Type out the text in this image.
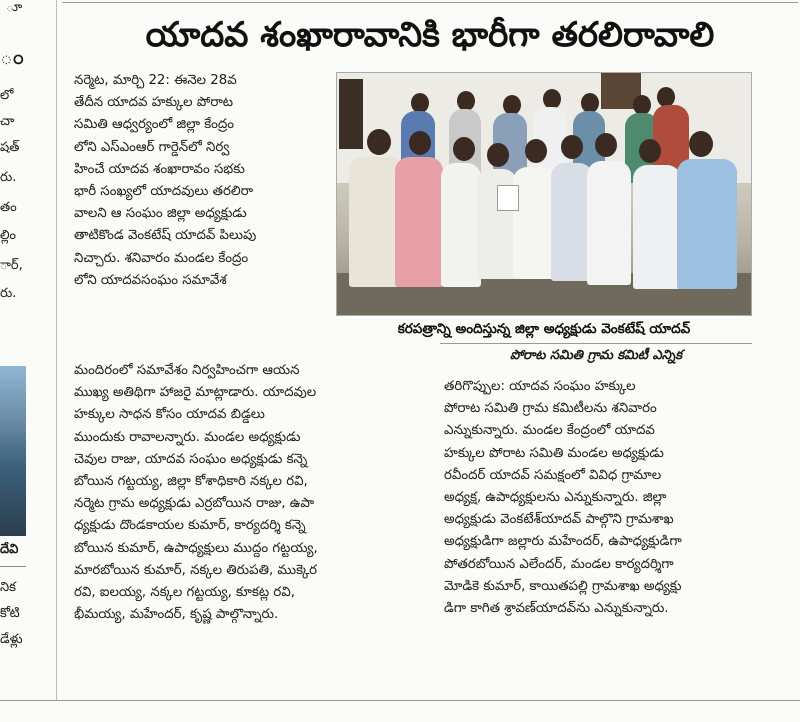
ూ
ం
లో
చా
షత్
రు.
తం
ల్లిం
ార్,
రు.
దేవి
నిక
కోటి
డేళ్లు
యాదవ శంఖారావానికి భారీగా తరలిరావాలి
నర్మెట, మార్చి 22: ఈనెల 28వ
తేదీన యాదవ హక్కుల పోరాట
సమితి ఆధ్వర్యంలో జిల్లా కేంద్రం
లోని ఎస్‌ఎంఆర్ గార్డెన్‌లో నిర్వ
హించే యాదవ శంఖారావం సభకు
భారీ సంఖ్యలో యాదవులు తరలిరా
వాలని ఆ సంఘం జిల్లా అధ్యక్షుడు
తాటికొండ వెంకటేష్ యాదవ్ పిలుపు
నిచ్చారు. శనివారం మండల కేంద్రం
లోని యాదవసంఘం సమావేశ
మందిరంలో సమావేశం నిర్వహించగా ఆయన
ముఖ్య అతిథిగా హాజరై మాట్లాడారు. యాదవుల
హక్కుల సాధన కోసం యాదవ బిడ్డలు
ముందుకు రావాలన్నారు. మండల అధ్యక్షుడు
చెవుల రాజు, యాదవ సంఘం అధ్యక్షుడు కన్నె
బోయిన గట్టయ్య, జిల్లా కోశాధికారి నక్కల రవి,
నర్మెట గ్రామ అధ్యక్షుడు ఎర్రబోయిన రాజు, ఉపా
ధ్యక్షుడు దొండకాయల కుమార్, కార్యదర్శి కన్నె
బోయిన కుమార్, ఉపాధ్యక్షులు ముద్దం గట్టయ్య,
మారబోయిన కుమార్, నక్కల తిరుపతి, ముక్కెర
రవి, ఐలయ్య, నక్కల గట్టయ్య, కూకట్ల రవి,
భీమయ్య, మహేందర్, కృష్ణ పాల్గొన్నారు.
కరపత్రాన్ని అందిస్తున్న జిల్లా అధ్యక్షుడు వెంకటేష్ యాదవ్
పోరాట సమితి గ్రామ కమిటీ ఎన్నిక
తరిగొప్పుల: యాదవ సంఘం హక్కుల
పోరాట సమితి గ్రామ కమిటీలను శనివారం
ఎన్నుకున్నారు. మండల కేంద్రంలో యాదవ
హక్కుల పోరాట సమితి మండల అధ్యక్షుడు
రవీందర్ యాదవ్ సమక్షంలో వివిధ గ్రామాల
అధ్యక్ష, ఉపాధ్యక్షులను ఎన్నుకున్నారు. జిల్లా
అధ్యక్షుడు వెంకటేశ్‌యాదవ్ పాల్గొని గ్రామశాఖ
అధ్యక్షుడిగా జల్లారు మహేందర్, ఉపాధ్యక్షుడిగా
పోతరబోయిన ఎలేందర్, మండల కార్యదర్శిగా
మోడికె కుమార్, కాయితపల్లి గ్రామశాఖ అధ్యక్షు
డిగా కాగిత శ్రావణ్‌యాదవ్‌ను ఎన్నుకున్నారు.
